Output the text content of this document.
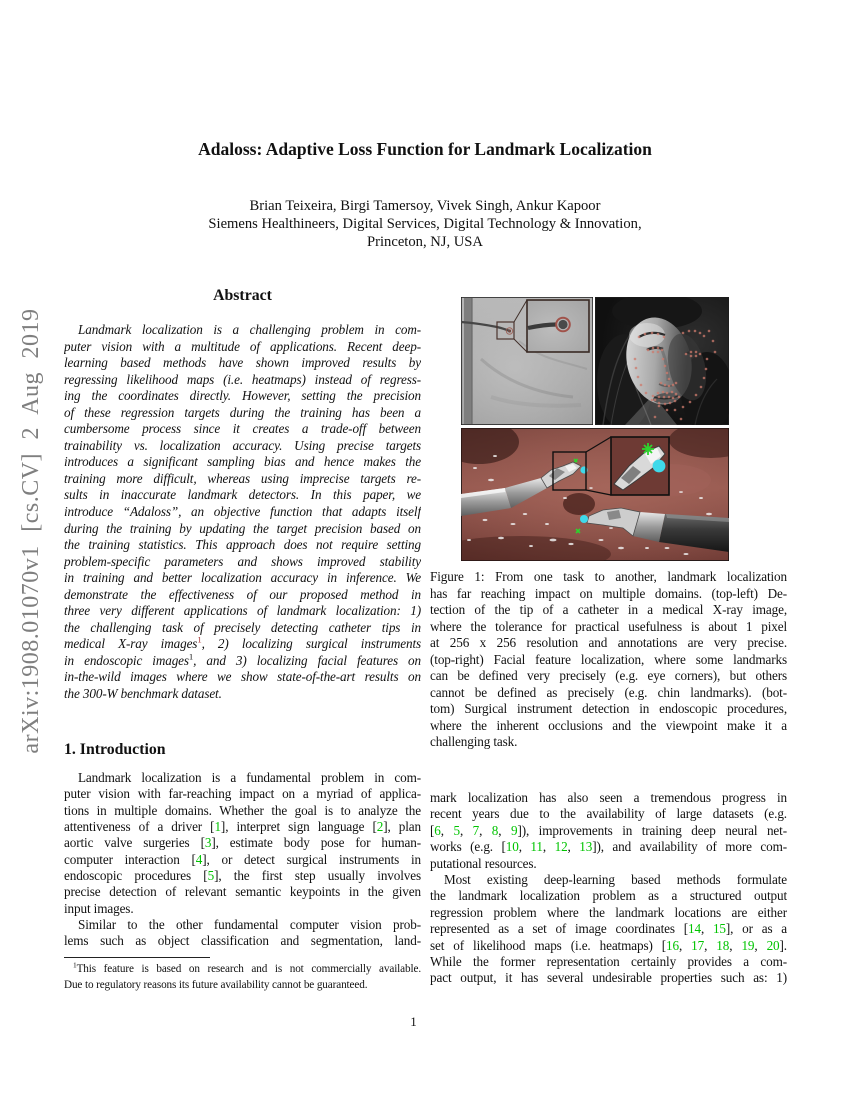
arXiv:1908.01070v1 [cs.CV] 2 Aug 2019
Adaloss: Adaptive Loss Function for Landmark Localization
Brian Teixeira, Birgi Tamersoy, Vivek Singh, Ankur Kapoor
Siemens Healthineers, Digital Services, Digital Technology & Innovation,
Princeton, NJ, USA
Abstract
Landmark localization is a challenging problem in com-
puter vision with a multitude of applications. Recent deep-
learning based methods have shown improved results by
regressing likelihood maps (i.e. heatmaps) instead of regress-
ing the coordinates directly. However, setting the precision
of these regression targets during the training has been a
cumbersome process since it creates a trade-off between
trainability vs. localization accuracy. Using precise targets
introduces a significant sampling bias and hence makes the
training more difficult, whereas using imprecise targets re-
sults in inaccurate landmark detectors. In this paper, we
introduce “Adaloss”, an objective function that adapts itself
during the training by updating the target precision based on
the training statistics. This approach does not require setting
problem-specific parameters and shows improved stability
in training and better localization accuracy in inference. We
demonstrate the effectiveness of our proposed method in
three very different applications of landmark localization: 1)
the challenging task of precisely detecting catheter tips in
medical X-ray images$^1$, 2) localizing surgical instruments
in endoscopic images$^1$, and 3) localizing facial features on
in-the-wild images where we show state-of-the-art results on
the 300-W benchmark dataset.
1. Introduction
Landmark localization is a fundamental problem in com-
puter vision with far-reaching impact on a myriad of applica-
tions in multiple domains. Whether the goal is to analyze the
attentiveness of a driver [1], interpret sign language [2], plan
aortic valve surgeries [3], estimate body pose for human-
computer interaction [4], or detect surgical instruments in
endoscopic procedures [5], the first step usually involves
precise detection of relevant semantic keypoints in the given
input images.
Similar to the other fundamental computer vision prob-
lems such as object classification and segmentation, land-
$^1$This feature is based on research and is not commercially available.
Due to regulatory reasons its future availability cannot be guaranteed.
Figure 1: From one task to another, landmark localization
has far reaching impact on multiple domains. (top-left) De-
tection of the tip of a catheter in a medical X-ray image,
where the tolerance for practical usefulness is about 1 pixel
at 256 x 256 resolution and annotations are very precise.
(top-right) Facial feature localization, where some landmarks
can be defined very precisely (e.g. eye corners), but others
cannot be defined as precisely (e.g. chin landmarks). (bot-
tom) Surgical instrument detection in endoscopic procedures,
where the inherent occlusions and the viewpoint make it a
challenging task.
mark localization has also seen a tremendous progress in
recent years due to the availability of large datasets (e.g.
[6, 5, 7, 8, 9]), improvements in training deep neural net-
works (e.g. [10, 11, 12, 13]), and availability of more com-
putational resources.
Most existing deep-learning based methods formulate
the landmark localization problem as a structured output
regression problem where the landmark locations are either
represented as a set of image coordinates [14, 15], or as a
set of likelihood maps (i.e. heatmaps) [16, 17, 18, 19, 20].
While the former representation certainly provides a com-
pact output, it has several undesirable properties such as: 1)
1
